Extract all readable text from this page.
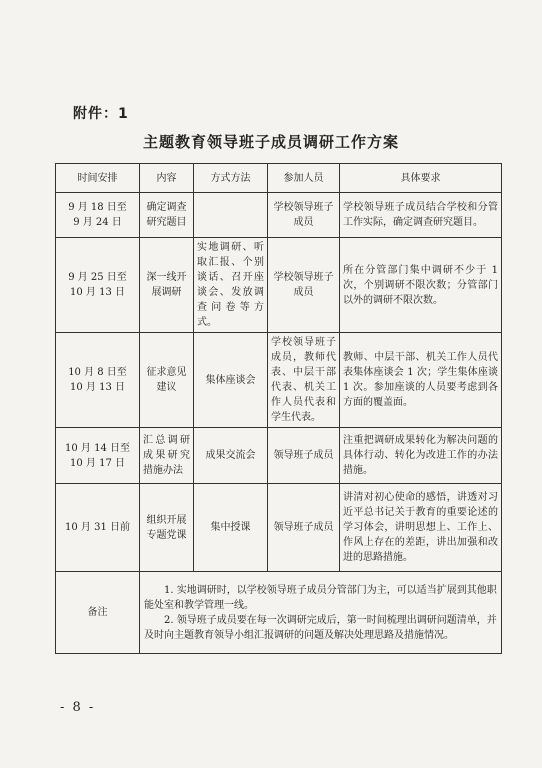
附件：1
主题教育领导班子成员调研工作方案
时间安排	内容	方式方法	参加人员	具体要求
9 月 18 日至
9 月 24 日	确定调查研究题目		学校领导班子成员	学校领导班子成员结合学校和分管工作实际，确定调查研究题目。
9 月 25 日至
10 月 13 日	深一线开展调研	实地调研、听取汇报、个别谈话、召开座谈会、发放调查问卷等方式。	学校领导班子成员	所在分管部门集中调研不少于 1 次，个别调研不限次数；分管部门以外的调研不限次数。
10 月 8 日至
10 月 13 日	征求意见建议	集体座谈会	学校领导班子成员，教师代表、中层干部代表、机关工作人员代表和学生代表。	教师、中层干部、机关工作人员代表集体座谈会 1 次；学生集体座谈 1 次。参加座谈的人员要考虑到各方面的覆盖面。
10 月 14 日至
10 月 17 日	汇总调研成果研究措施办法	成果交流会	领导班子成员	注重把调研成果转化为解决问题的具体行动、转化为改进工作的办法措施。
10 月 31 日前	组织开展专题党课	集中授课	领导班子成员	讲清对初心使命的感悟，讲透对习近平总书记关于教育的重要论述的学习体会，讲明思想上、工作上、作风上存在的差距，讲出加强和改进的思路措施。
备注	1. 实地调研时，以学校领导班子成员分管部门为主，可以适当扩展到其他职能处室和教学管理一线。

2. 领导班子成员要在每一次调研完成后，第一时间梳理出调研问题清单，并及时向主题教育领导小组汇报调研的问题及解决处理思路及措施情况。			

- 8 -
